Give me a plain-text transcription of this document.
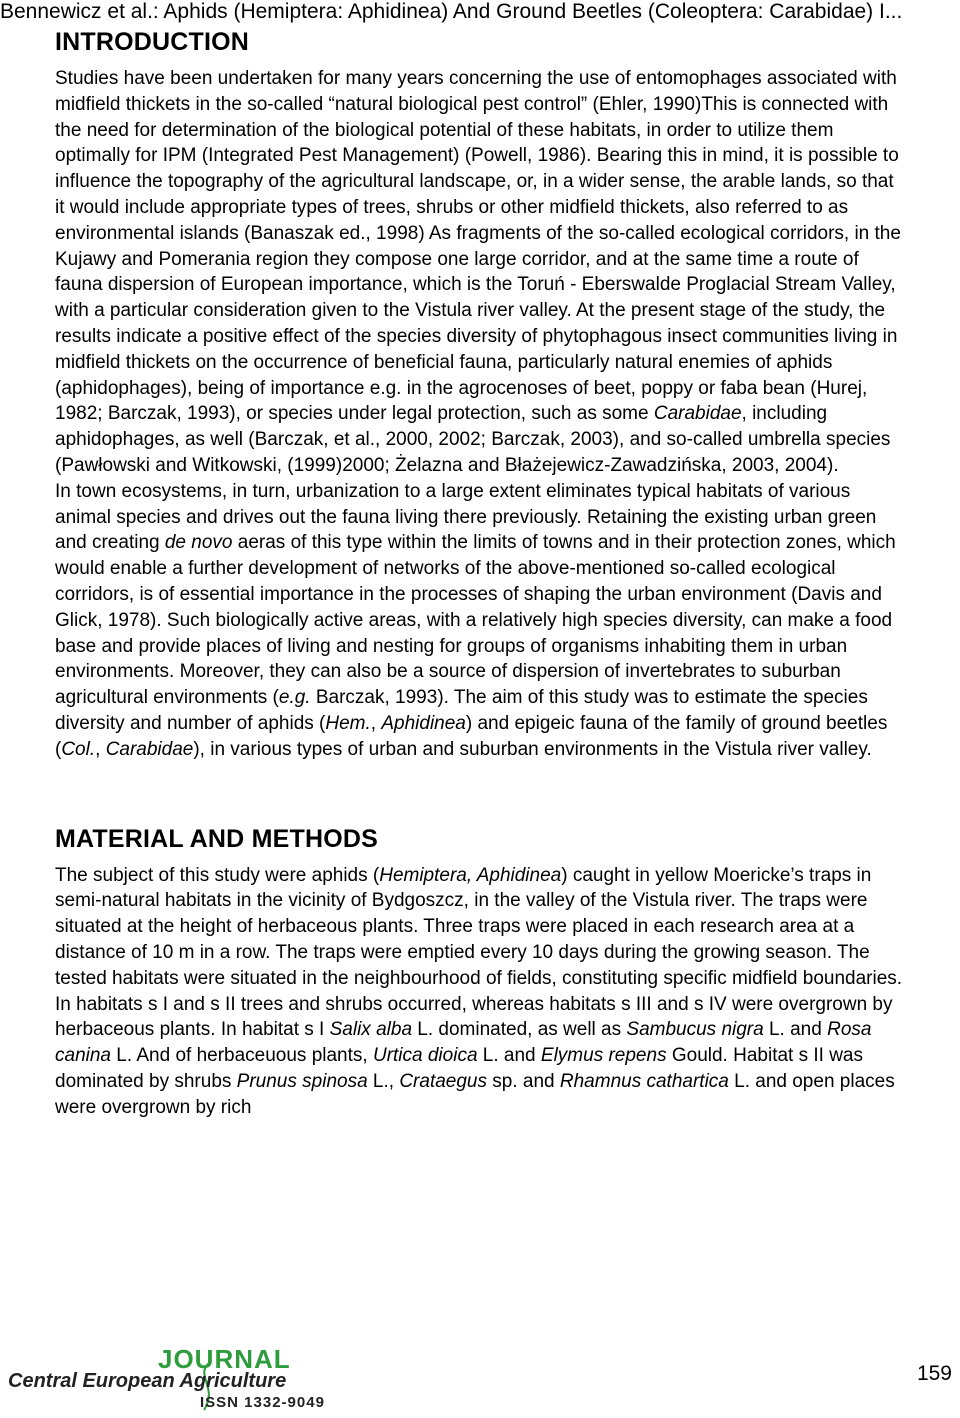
Bennewicz et al.: Aphids (Hemiptera: Aphidinea) And Ground Beetles (Coleoptera: Carabidae) I...
INTRODUCTION

Studies have been undertaken for many years concerning the use of entomophages associated with midfield thickets in the so-called “natural biological pest control” (Ehler, 1990)This is connected with the need for determination of the biological potential of these habitats, in order to utilize them optimally for IPM (Integrated Pest Management) (Powell, 1986). Bearing this in mind, it is possible to influence the topography of the agricultural landscape, or, in a wider sense, the arable lands, so that it would include appropriate types of trees, shrubs or other midfield thickets, also referred to as environmental islands (Banaszak ed., 1998) As fragments of the so-called ecological corridors, in the Kujawy and Pomerania region they compose one large corridor, and at the same time a route of fauna dispersion of European importance, which is the Toruń - Eberswalde Proglacial Stream Valley, with a particular consideration given to the Vistula river valley. At the present stage of the study, the results indicate a positive effect of the species diversity of phytophagous insect communities living in midfield thickets on the occurrence of beneficial fauna, particularly natural enemies of aphids (aphidophages), being of importance e.g. in the agrocenoses of beet, poppy or faba bean (Hurej, 1982; Barczak, 1993), or species under legal protection, such as some Carabidae, including aphidophages, as well (Barczak, et al., 2000, 2002; Barczak, 2003), and so-called umbrella species (Pawłowski and Witkowski, (1999)2000; Żelazna and Błażejewicz-Zawadzińska, 2003, 2004).

In town ecosystems, in turn, urbanization to a large extent eliminates typical habitats of various animal species and drives out the fauna living there previously. Retaining the existing urban green and creating de novo aeras of this type within the limits of towns and in their protection zones, which would enable a further development of networks of the above-mentioned so-called ecological corridors, is of essential importance in the processes of shaping the urban environment (Davis and Glick, 1978). Such biologically active areas, with a relatively high species diversity, can make a food base and provide places of living and nesting for groups of organisms inhabiting them in urban environments. Moreover, they can also be a source of dispersion of invertebrates to suburban agricultural environments (e.g. Barczak, 1993). The aim of this study was to estimate the species diversity and number of aphids (Hem., Aphidinea) and epigeic fauna of the family of ground beetles (Col., Carabidae), in various types of urban and suburban environments in the Vistula river valley.

MATERIAL AND METHODS

The subject of this study were aphids (Hemiptera, Aphidinea) caught in yellow Moericke’s traps in semi-natural habitats in the vicinity of Bydgoszcz, in the valley of the Vistula river. The traps were situated at the height of herbaceous plants. Three traps were placed in each research area at a distance of 10 m in a row. The traps were emptied every 10 days during the growing season. The tested habitats were situated in the neighbourhood of fields, constituting specific midfield boundaries. In habitats s I and s II trees and shrubs occurred, whereas habitats s III and s IV were overgrown by herbaceous plants. In habitat s I Salix alba L. dominated, as well as Sambucus nigra L. and Rosa canina L. And of herbaceuous plants, Urtica dioica L. and Elymus repens Gould. Habitat s II was dominated by shrubs Prunus spinosa L., Crataegus sp. and Rhamnus cathartica L. and open places were overgrown by rich

JOURNAL
Central European Agriculture
ISSN 1332-9049
159
